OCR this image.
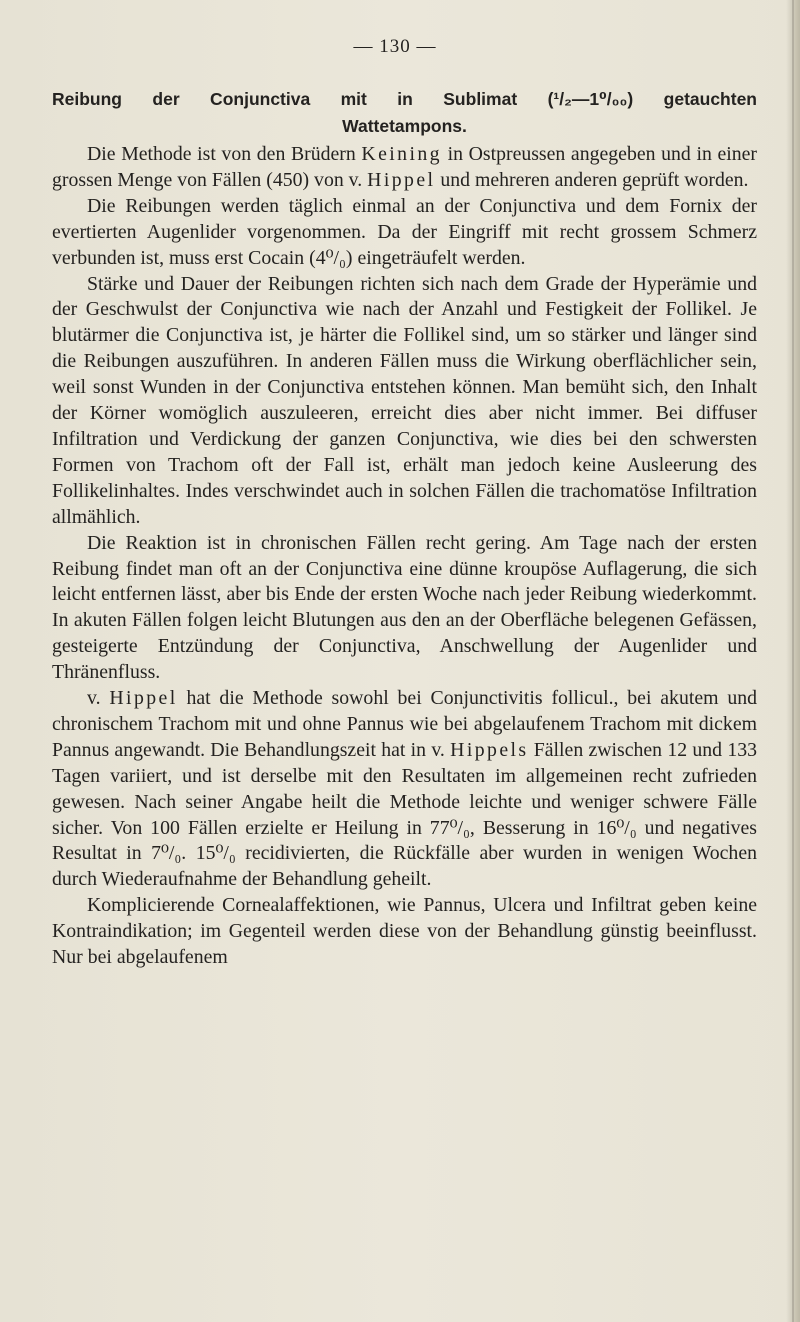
— 130 —
Reibung der Conjunctiva mit in Sublimat (¹/₂—1⁰/₀₀) getauchten
Wattetampons.

Die Methode ist von den Brüdern Keining in Ostpreussen angegeben und in einer grossen Menge von Fällen (450) von v. Hippel und mehreren anderen geprüft worden.

Die Reibungen werden täglich einmal an der Conjunctiva und dem Fornix der evertierten Augenlider vorgenommen. Da der Eingriff mit recht grossem Schmerz verbunden ist, muss erst Cocain (4⁰/₀) eingeträufelt werden.

Stärke und Dauer der Reibungen richten sich nach dem Grade der Hyperämie und der Geschwulst der Conjunctiva wie nach der Anzahl und Festigkeit der Follikel. Je blutärmer die Conjunctiva ist, je härter die Follikel sind, um so stärker und länger sind die Reibungen auszuführen. In anderen Fällen muss die Wirkung oberflächlicher sein, weil sonst Wunden in der Conjunctiva entstehen können. Man bemüht sich, den Inhalt der Körner womöglich auszuleeren, erreicht dies aber nicht immer. Bei diffuser Infiltration und Verdickung der ganzen Conjunctiva, wie dies bei den schwersten Formen von Trachom oft der Fall ist, erhält man jedoch keine Ausleerung des Follikelinhaltes. Indes verschwindet auch in solchen Fällen die trachomatöse Infiltration allmählich.

Die Reaktion ist in chronischen Fällen recht gering. Am Tage nach der ersten Reibung findet man oft an der Conjunctiva eine dünne kroupöse Auflagerung, die sich leicht entfernen lässt, aber bis Ende der ersten Woche nach jeder Reibung wiederkommt. In akuten Fällen folgen leicht Blutungen aus den an der Oberfläche belegenen Gefässen, gesteigerte Entzündung der Conjunctiva, Anschwellung der Augenlider und Thränenfluss.

v. Hippel hat die Methode sowohl bei Conjunctivitis follicul., bei akutem und chronischem Trachom mit und ohne Pannus wie bei abgelaufenem Trachom mit dickem Pannus angewandt. Die Behandlungszeit hat in v. Hippels Fällen zwischen 12 und 133 Tagen variiert, und ist derselbe mit den Resultaten im allgemeinen recht zufrieden gewesen. Nach seiner Angabe heilt die Methode leichte und weniger schwere Fälle sicher. Von 100 Fällen erzielte er Heilung in 77⁰/₀, Besserung in 16⁰/₀ und negatives Resultat in 7⁰/₀. 15⁰/₀ recidivierten, die Rückfälle aber wurden in wenigen Wochen durch Wiederaufnahme der Behandlung geheilt.

Komplicierende Cornealaffektionen, wie Pannus, Ulcera und Infiltrat geben keine Kontraindikation; im Gegenteil werden diese von der Behandlung günstig beeinflusst. Nur bei abgelaufenem
